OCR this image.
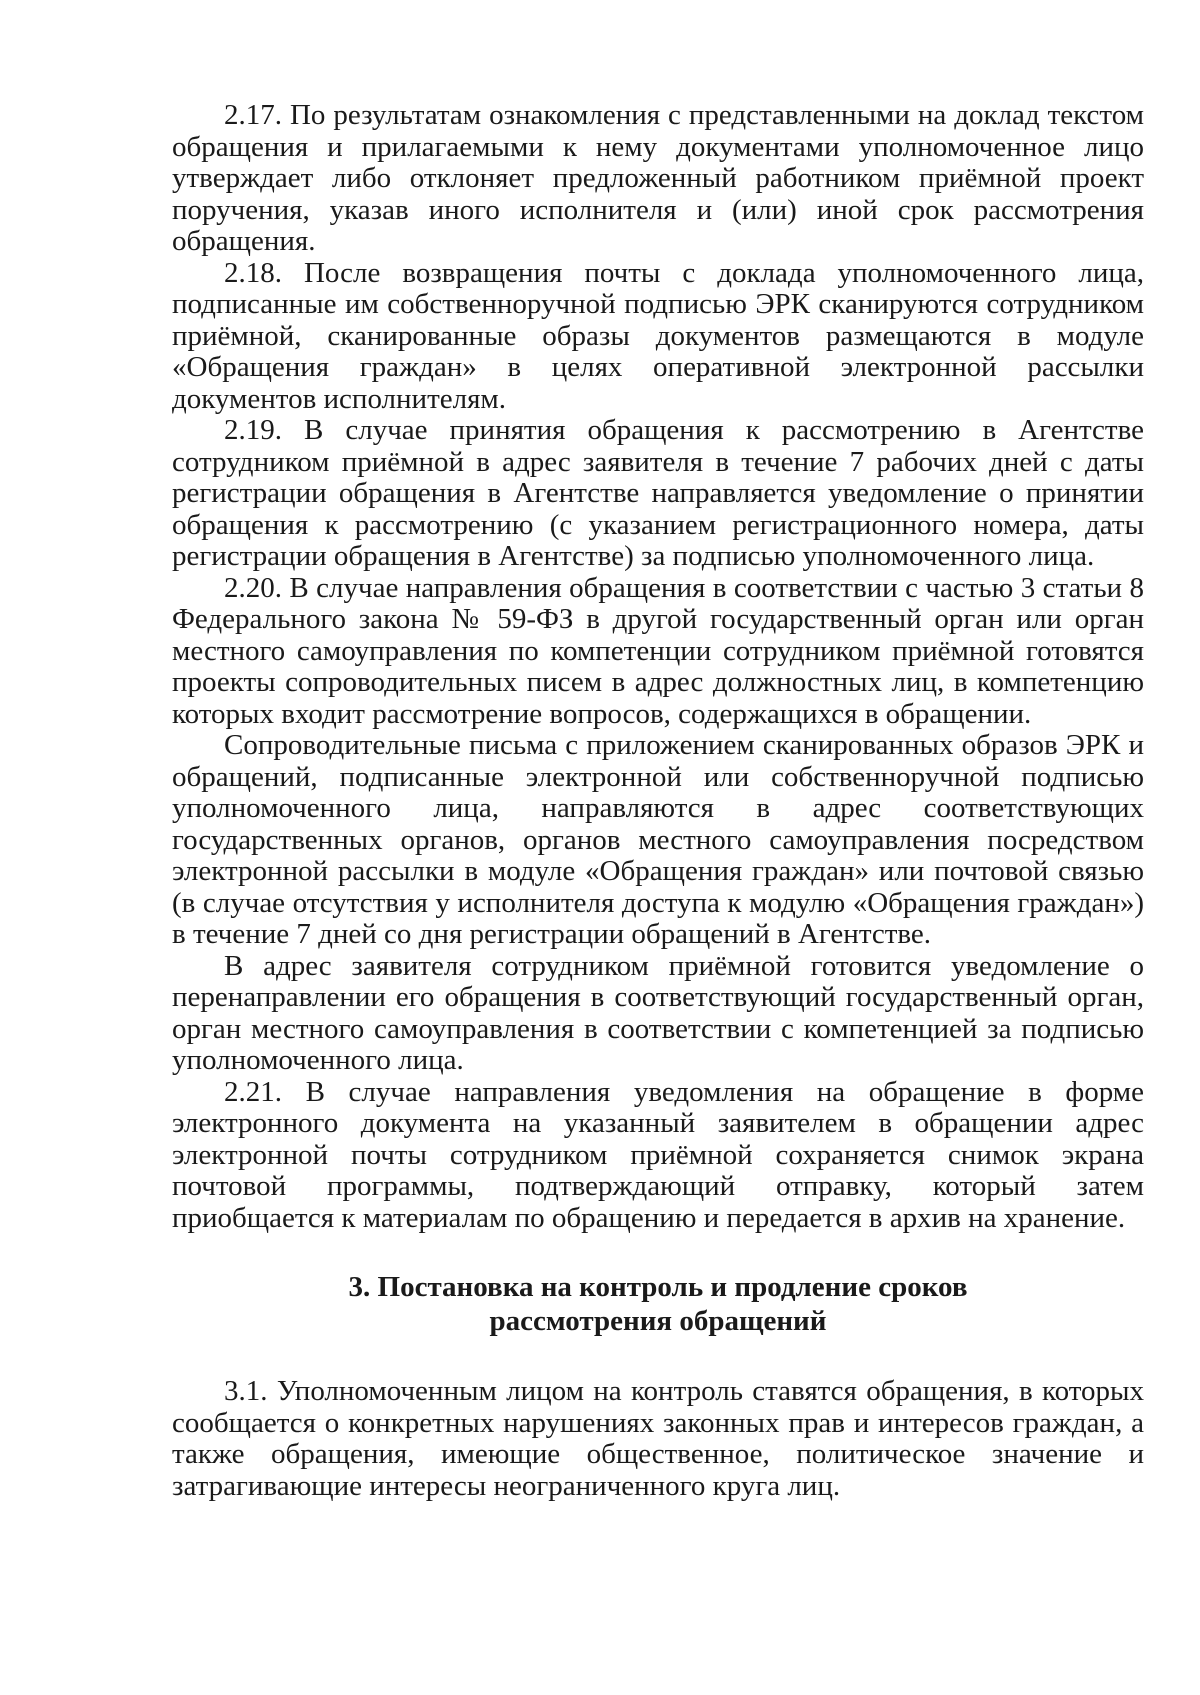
2.17. По результатам ознакомления с представленными на доклад текстом обращения и прилагаемыми к нему документами уполномоченное лицо утверждает либо отклоняет предложенный работником приёмной проект поручения, указав иного исполнителя и (или) иной срок рассмотрения обращения.

2.18. После возвращения почты с доклада уполномоченного лица, подписанные им собственноручной подписью ЭРК сканируются сотрудником приёмной, сканированные образы документов размещаются в модуле «Обращения граждан» в целях оперативной электронной рассылки документов исполнителям.

2.19. В случае принятия обращения к рассмотрению в Агентстве сотрудником приёмной в адрес заявителя в течение 7 рабочих дней с даты регистрации обращения в Агентстве направляется уведомление о принятии обращения к рассмотрению (с указанием регистрационного номера, даты регистрации обращения в Агентстве) за подписью уполномоченного лица.

2.20. В случае направления обращения в соответствии с частью 3 статьи 8 Федерального закона № 59-ФЗ в другой государственный орган или орган местного самоуправления по компетенции сотрудником приёмной готовятся проекты сопроводительных писем в адрес должностных лиц, в компетенцию которых входит рассмотрение вопросов, содержащихся в обращении.

Сопроводительные письма с приложением сканированных образов ЭРК и обращений, подписанные электронной или собственноручной подписью уполномоченного лица, направляются в адрес соответствующих государственных органов, органов местного самоуправления посредством электронной рассылки в модуле «Обращения граждан» или почтовой связью (в случае отсутствия у исполнителя доступа к модулю «Обращения граждан») в течение 7 дней со дня регистрации обращений в Агентстве.

В адрес заявителя сотрудником приёмной готовится уведомление о перенаправлении его обращения в соответствующий государственный орган, орган местного самоуправления в соответствии с компетенцией за подписью уполномоченного лица.

2.21. В случае направления уведомления на обращение в форме электронного документа на указанный заявителем в обращении адрес электронной почты сотрудником приёмной сохраняется снимок экрана почтовой программы, подтверждающий отправку, который затем приобщается к материалам по обращению и передается в архив на хранение.

3. Постановка на контроль и продление сроков
рассмотрения обращений

3.1. Уполномоченным лицом на контроль ставятся обращения, в которых сообщается о конкретных нарушениях законных прав и интересов граждан, а также обращения, имеющие общественное, политическое значение и затрагивающие интересы неограниченного круга лиц.
